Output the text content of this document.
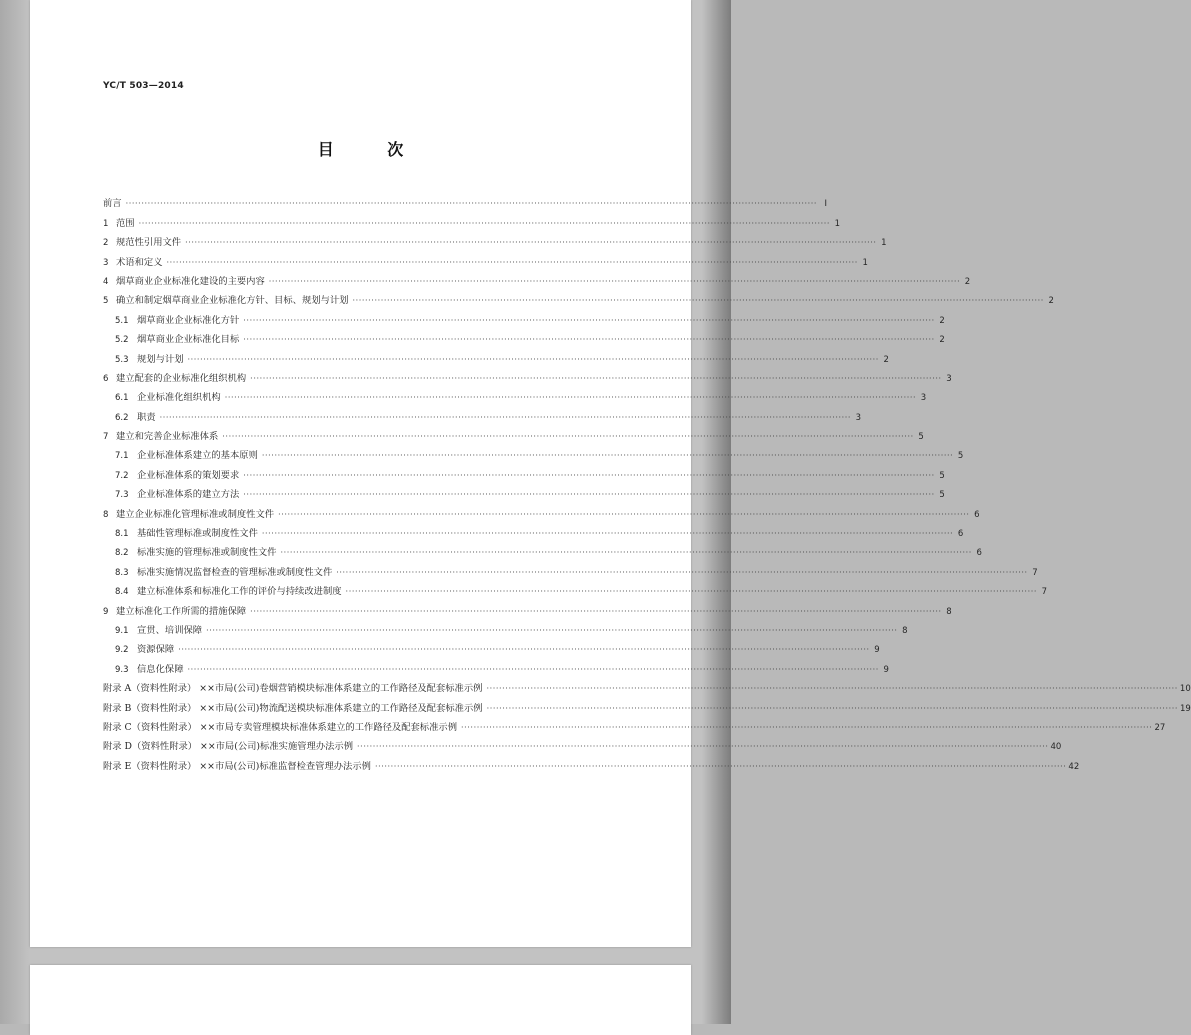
YC/T 503—2014
目 次
前言 ···························································································································································································································· Ⅰ
1 范围 ···························································································································································································································· 1
2 规范性引用文件 ···························································································································································································································· 1
3 术语和定义 ···························································································································································································································· 1
4 烟草商业企业标准化建设的主要内容 ···························································································································································································································· 2
5 确立和制定烟草商业企业标准化方针、目标、规划与计划 ···························································································································································································································· 2
5.1 烟草商业企业标准化方针 ···························································································································································································································· 2
5.2 烟草商业企业标准化目标 ···························································································································································································································· 2
5.3 规划与计划 ···························································································································································································································· 2
6 建立配套的企业标准化组织机构 ···························································································································································································································· 3
6.1 企业标准化组织机构 ···························································································································································································································· 3
6.2 职责 ···························································································································································································································· 3
7 建立和完善企业标准体系 ···························································································································································································································· 5
7.1 企业标准体系建立的基本原则 ···························································································································································································································· 5
7.2 企业标准体系的策划要求 ···························································································································································································································· 5
7.3 企业标准体系的建立方法 ···························································································································································································································· 5
8 建立企业标准化管理标准或制度性文件 ···························································································································································································································· 6
8.1 基础性管理标准或制度性文件 ···························································································································································································································· 6
8.2 标准实施的管理标准或制度性文件 ···························································································································································································································· 6
8.3 标准实施情况监督检查的管理标准或制度性文件 ···························································································································································································································· 7
8.4 建立标准体系和标准化工作的评价与持续改进制度 ···························································································································································································································· 7
9 建立标准化工作所需的措施保障 ···························································································································································································································· 8
9.1 宣贯、培训保障 ···························································································································································································································· 8
9.2 资源保障 ···························································································································································································································· 9
9.3 信息化保障 ···························································································································································································································· 9
附录 A（资料性附录） ××市局(公司)卷烟营销模块标准体系建立的工作路径及配套标准示例 ···························································································································································································································· 10
附录 B（资料性附录） ××市局(公司)物流配送模块标准体系建立的工作路径及配套标准示例 ···························································································································································································································· 19
附录 C（资料性附录） ××市局专卖管理模块标准体系建立的工作路径及配套标准示例 ···························································································································································································································· 27
附录 D（资料性附录） ××市局(公司)标准实施管理办法示例 ···························································································································································································································· 40
附录 E（资料性附录） ××市局(公司)标准监督检查管理办法示例 ···························································································································································································································· 42
